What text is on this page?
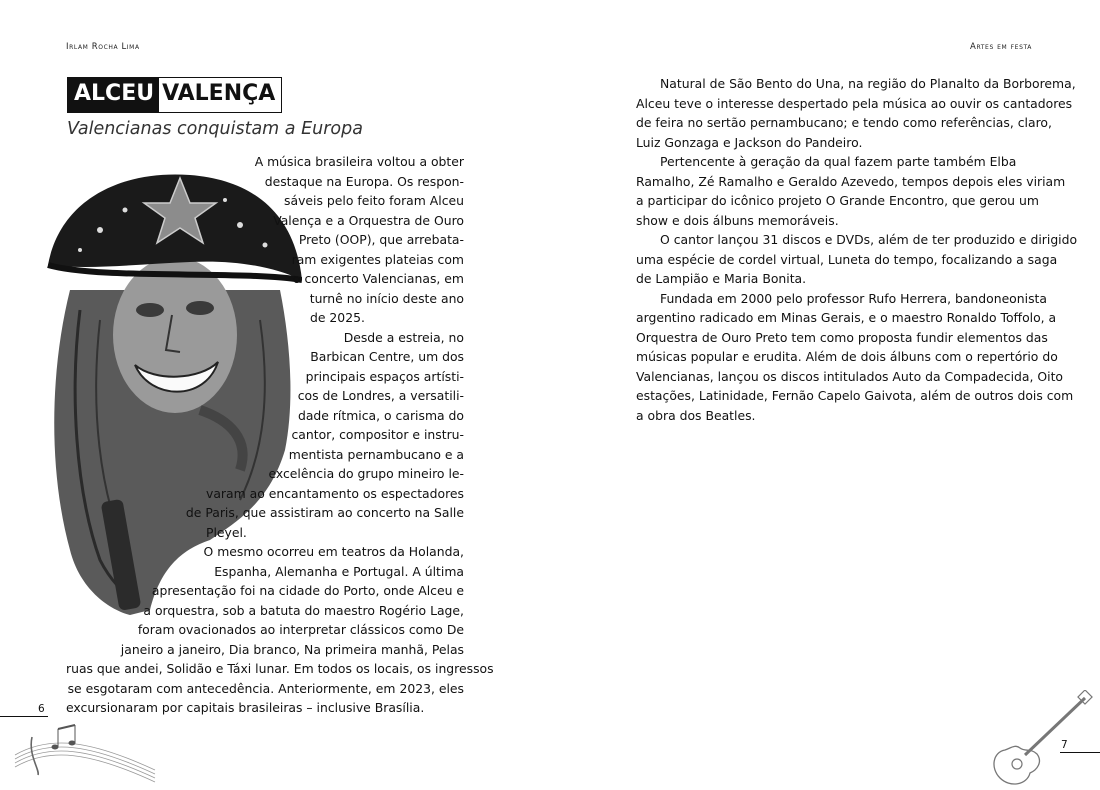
Irlam Rocha Lima	Artes em festa
ALCEU VALENÇA
Valencianas conquistam a Europa
A música brasileira voltou a obter
destaque na Europa. Os respon-
sáveis pelo feito foram Alceu
Valença e a Orquestra de Ouro
Preto (OOP), que arrebata-
ram exigentes plateias com
o concerto Valencianas, em
turnê no início deste ano
de 2025.
Desde a estreia, no
Barbican Centre, um dos
principais espaços artísti-
cos de Londres, a versatili-
dade rítmica, o carisma do
cantor, compositor e instru-
mentista pernambucano e a
excelência do grupo mineiro le-
varam ao encantamento os espectadores
de Paris, que assistiram ao concerto na Salle
Pleyel.
O mesmo ocorreu em teatros da Holanda,
Espanha, Alemanha e Portugal. A última
apresentação foi na cidade do Porto, onde Alceu e
a orquestra, sob a batuta do maestro Rogério Lage,
foram ovacionados ao interpretar clássicos como De
janeiro a janeiro, Dia branco, Na primeira manhã, Pelas
ruas que andei, Solidão e Táxi lunar. Em todos os locais, os ingressos
se esgotaram com antecedência. Anteriormente, em 2023, eles
excursionaram por capitais brasileiras – inclusive Brasília.
Natural de São Bento do Una, na região do Planalto da Borborema,
Alceu teve o interesse despertado pela música ao ouvir os cantadores
de feira no sertão pernambucano; e tendo como referências, claro,
Luiz Gonzaga e Jackson do Pandeiro.
Pertencente à geração da qual fazem parte também Elba
Ramalho, Zé Ramalho e Geraldo Azevedo, tempos depois eles viriam
a participar do icônico projeto O Grande Encontro, que gerou um
show e dois álbuns memoráveis.
O cantor lançou 31 discos e DVDs, além de ter produzido e dirigido
uma espécie de cordel virtual, Luneta do tempo, focalizando a saga
de Lampião e Maria Bonita.
Fundada em 2000 pelo professor Rufo Herrera, bandoneonista
argentino radicado em Minas Gerais, e o maestro Ronaldo Toffolo, a
Orquestra de Ouro Preto tem como proposta fundir elementos das
músicas popular e erudita. Além de dois álbuns com o repertório do
Valencianas, lançou os discos intitulados Auto da Compadecida, Oito
estações, Latinidade, Fernão Capelo Gaivota, além de outros dois com
a obra dos Beatles.
6
7
